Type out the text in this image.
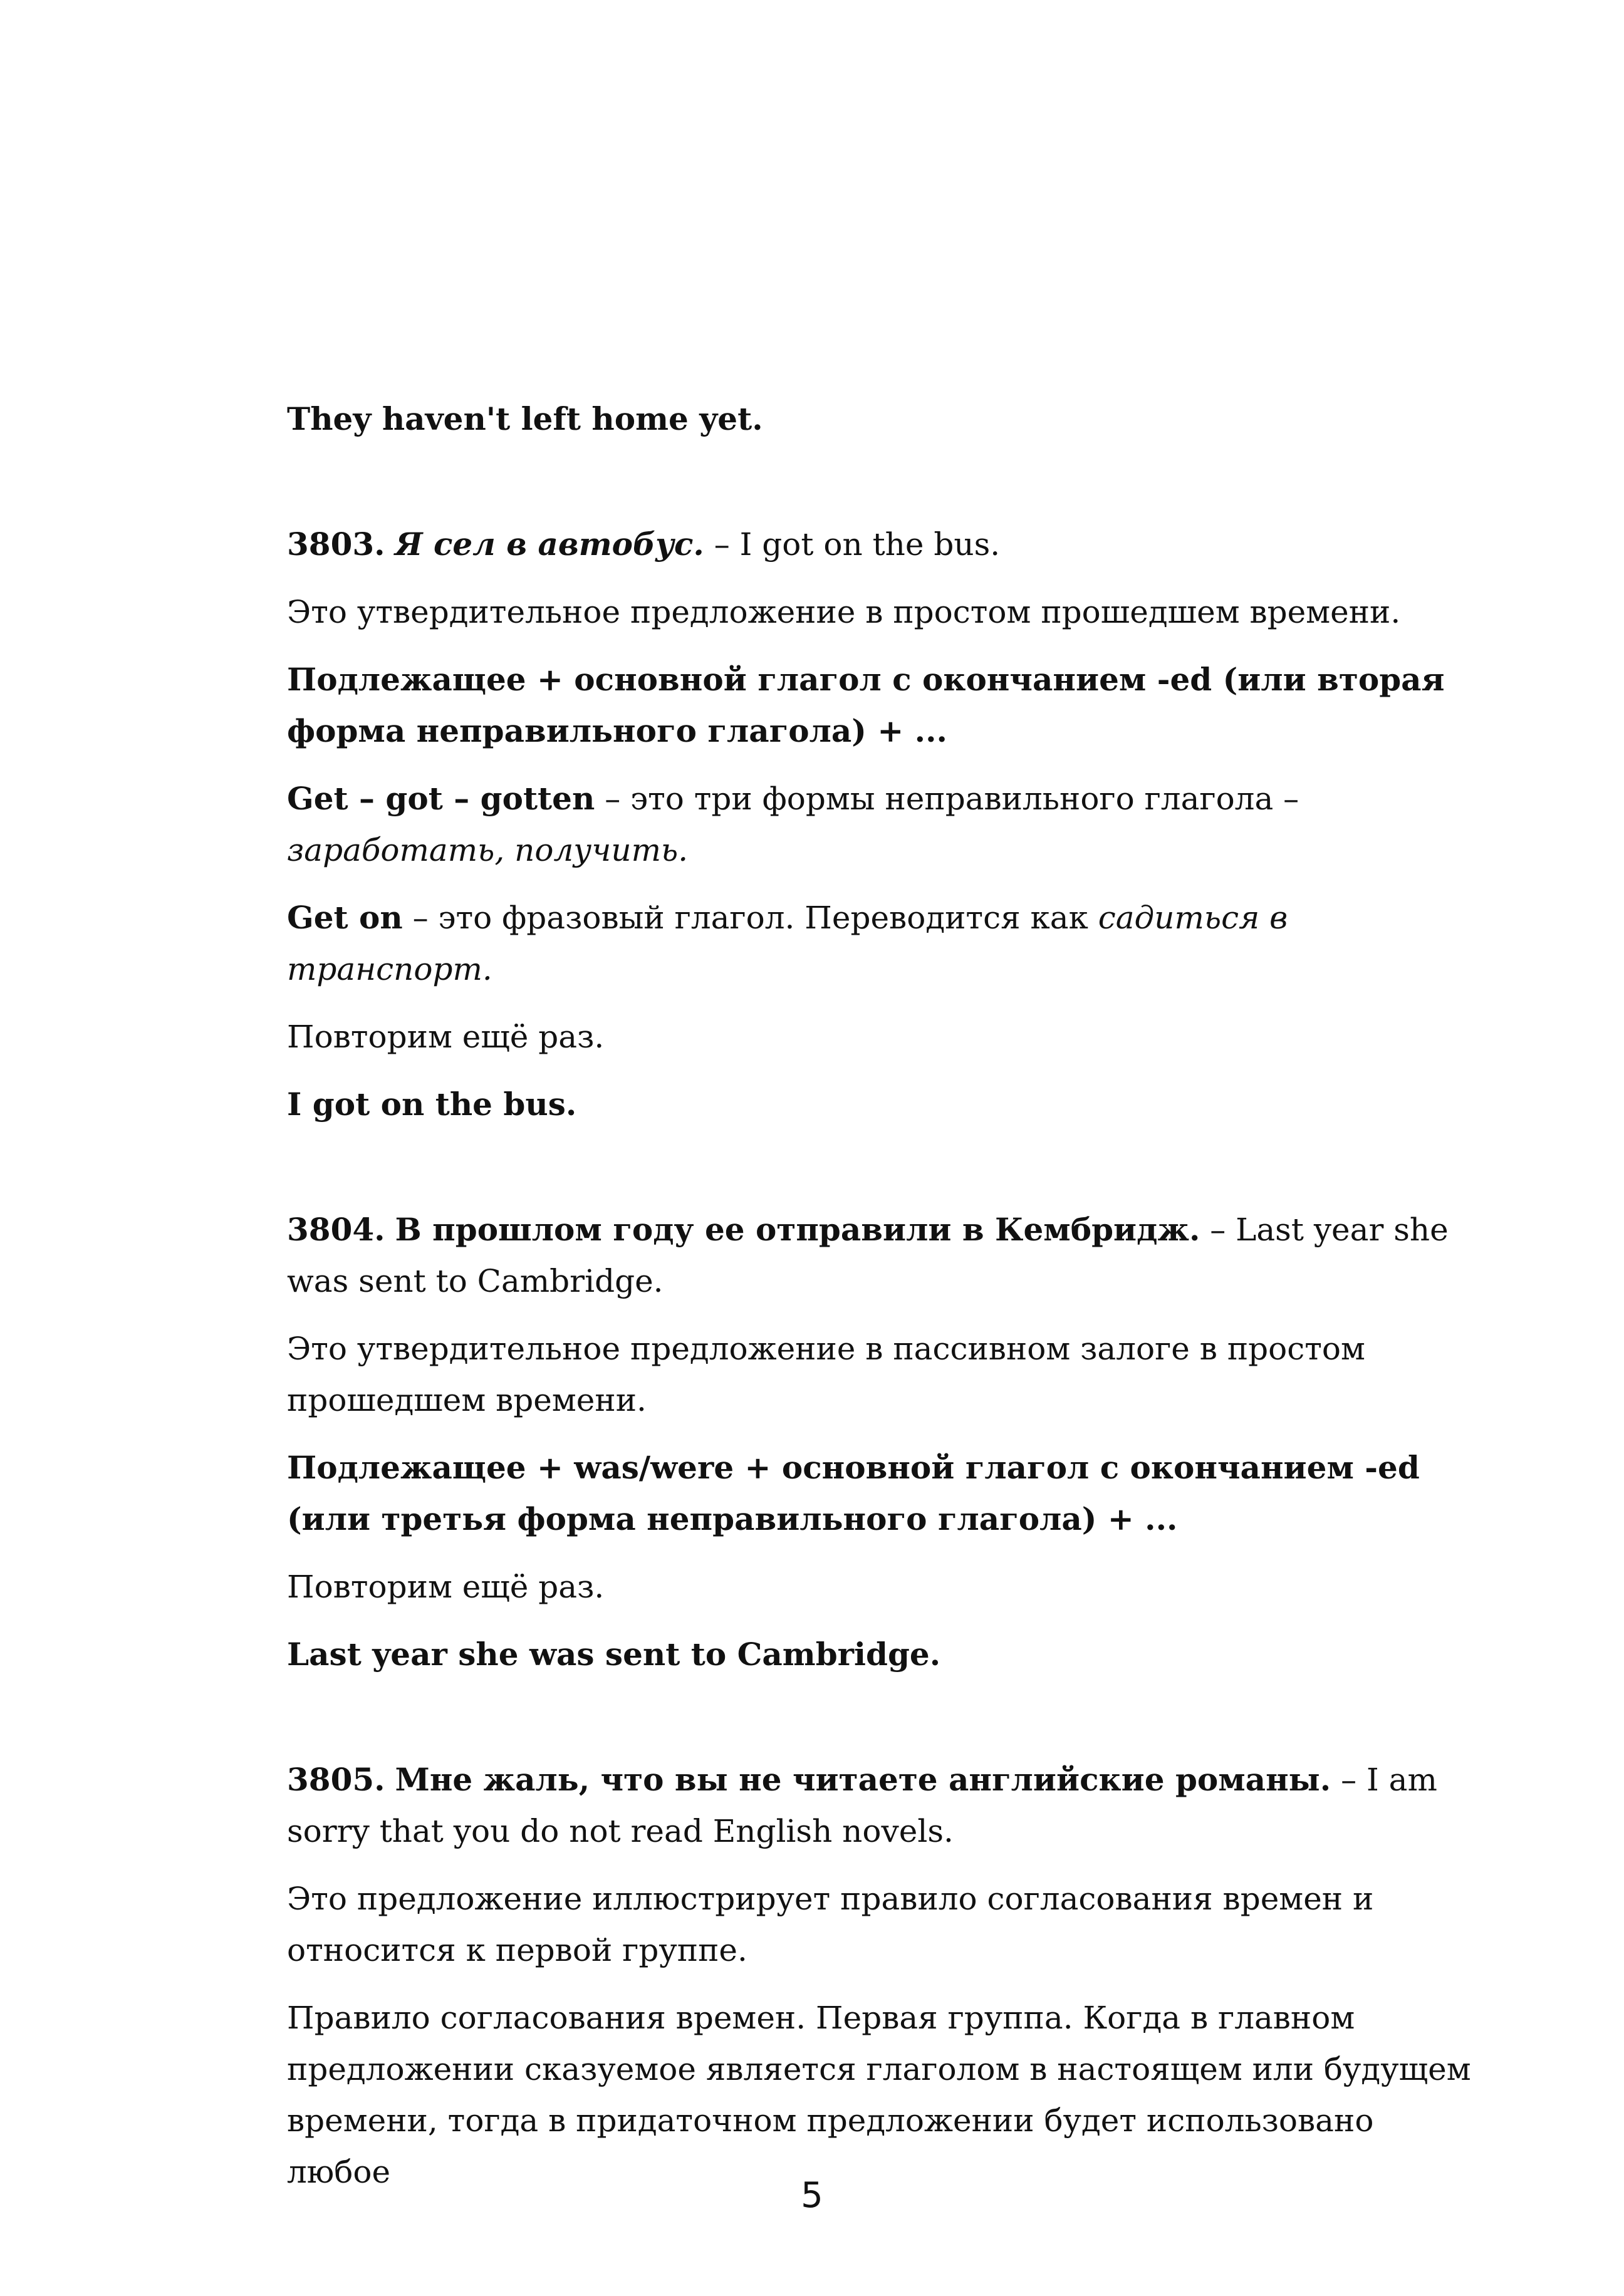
They haven't left home yet.

3803. Я сел в автобус. – I got on the bus.

Это утвердительное предложение в простом прошедшем времени.

Подлежащее + основной глагол с окончанием -ed (или вторая форма неправильного глагола) + ...

Get – got – gotten – это три формы неправильного глагола – заработать, получить.

Get on – это фразовый глагол. Переводится как садиться в транспорт.

Повторим ещё раз.

I got on the bus.

3804. В прошлом году ее отправили в Кембридж. – Last year she was sent to Cambridge.

Это утвердительное предложение в пассивном залоге в простом прошедшем времени.

Подлежащее + was/were + основной глагол с окончанием -ed (или третья форма неправильного глагола) + ...

Повторим ещё раз.

Last year she was sent to Cambridge.

3805. Мне жаль, что вы не читаете английские романы. – I am sorry that you do not read English novels.

Это предложение иллюстрирует правило согласования времен и относится к первой группе.

Правило согласования времен. Первая группа. Когда в главном предложении сказуемое является глаголом в настоящем или будущем времени, тогда в придаточном предложении будет использовано любое

5
